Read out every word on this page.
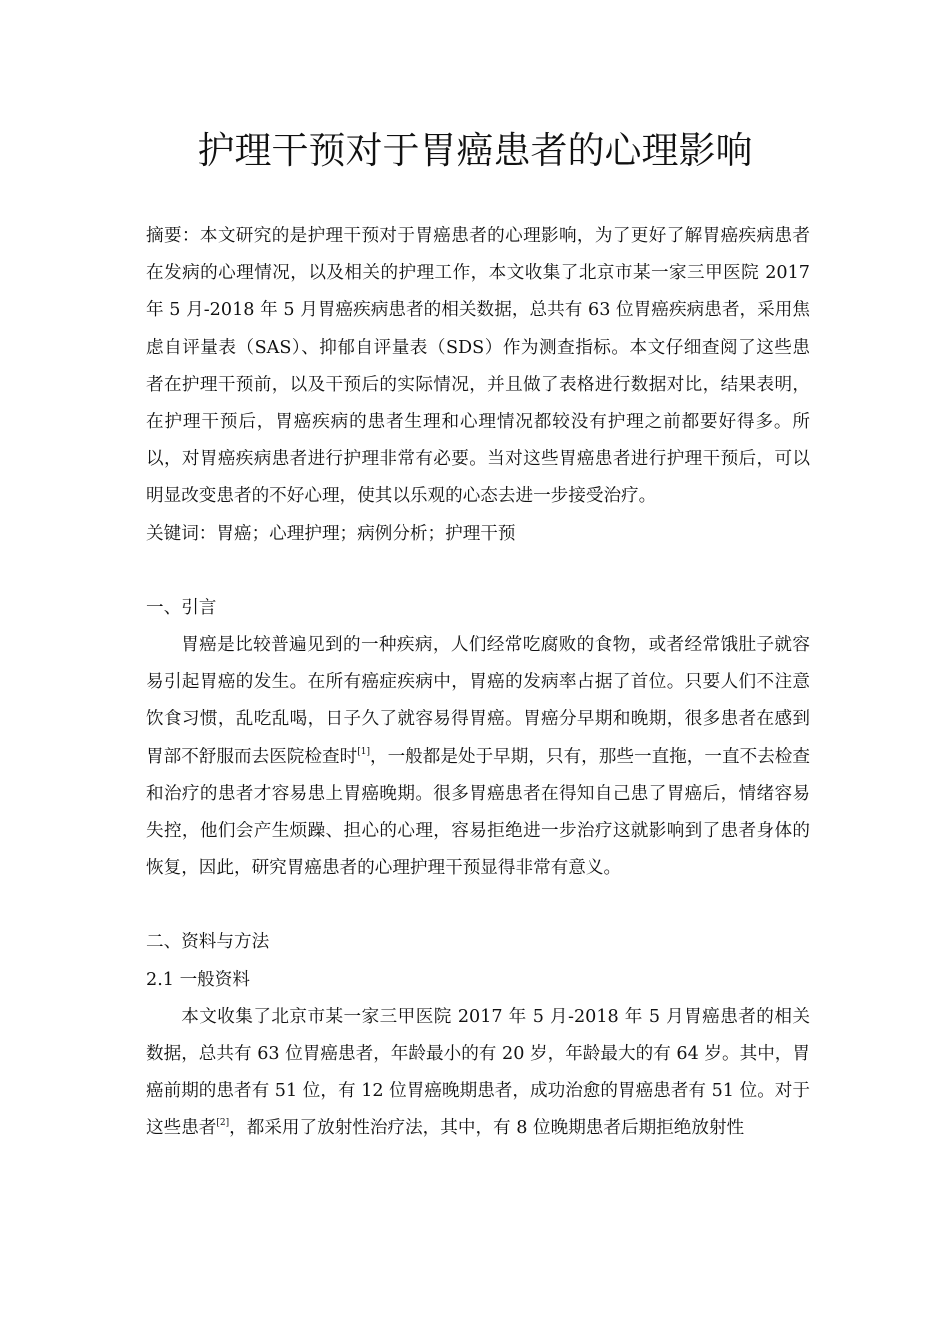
护理干预对于胃癌患者的心理影响

摘要：本文研究的是护理干预对于胃癌患者的心理影响，为了更好了解胃癌疾病患者在发病的心理情况，以及相关的护理工作，本文收集了北京市某一家三甲医院 2017 年 5 月-2018 年 5 月胃癌疾病患者的相关数据，总共有 63 位胃癌疾病患者，采用焦虑自评量表（SAS）、抑郁自评量表（SDS）作为测查指标。本文仔细查阅了这些患者在护理干预前，以及干预后的实际情况，并且做了表格进行数据对比，结果表明，在护理干预后，胃癌疾病的患者生理和心理情况都较没有护理之前都要好得多。所以，对胃癌疾病患者进行护理非常有必要。当对这些胃癌患者进行护理干预后，可以明显改变患者的不好心理，使其以乐观的心态去进一步接受治疗。

关键词：胃癌；心理护理；病例分析；护理干预

一、引言

胃癌是比较普遍见到的一种疾病，人们经常吃腐败的食物，或者经常饿肚子就容易引起胃癌的发生。在所有癌症疾病中，胃癌的发病率占据了首位。只要人们不注意饮食习惯，乱吃乱喝，日子久了就容易得胃癌。胃癌分早期和晚期，很多患者在感到胃部不舒服而去医院检查时[1]，一般都是处于早期，只有，那些一直拖，一直不去检查和治疗的患者才容易患上胃癌晚期。很多胃癌患者在得知自己患了胃癌后，情绪容易失控，他们会产生烦躁、担心的心理，容易拒绝进一步治疗这就影响到了患者身体的恢复，因此，研究胃癌患者的心理护理干预显得非常有意义。

二、资料与方法

2.1 一般资料

本文收集了北京市某一家三甲医院 2017 年 5 月-2018 年 5 月胃癌患者的相关数据，总共有 63 位胃癌患者，年龄最小的有 20 岁，年龄最大的有 64 岁。其中，胃癌前期的患者有 51 位，有 12 位胃癌晚期患者，成功治愈的胃癌患者有 51 位。对于这些患者[2]，都采用了放射性治疗法，其中，有 8 位晚期患者后期拒绝放射性
